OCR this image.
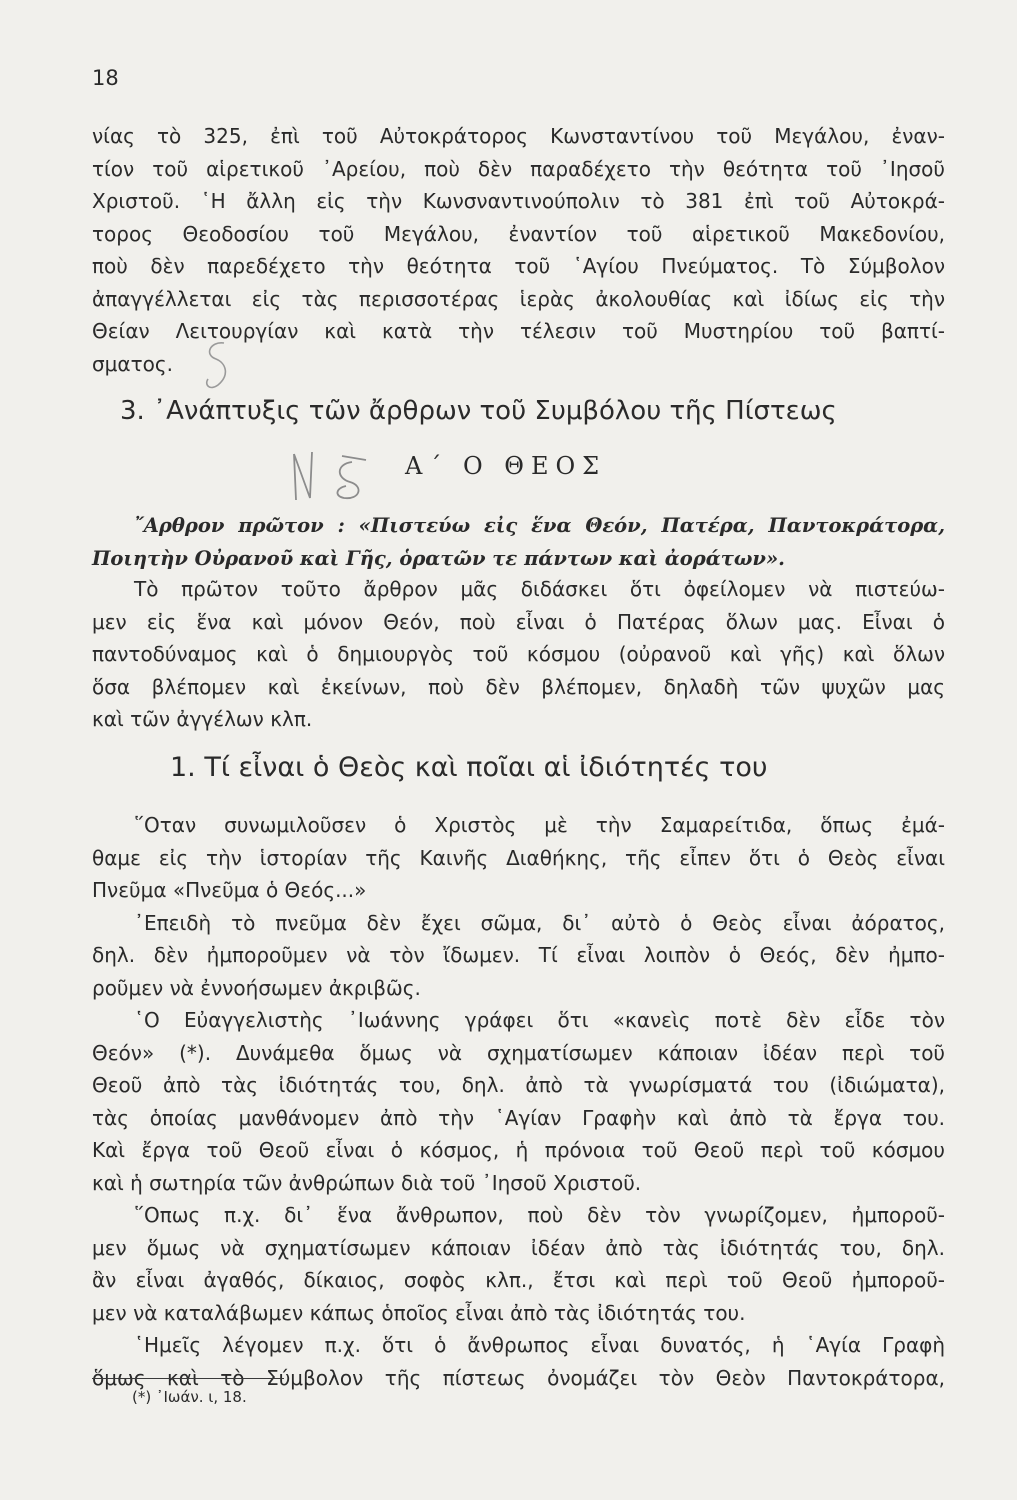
18
νίας τὸ 325, ἐπὶ τοῦ Αὐτοκράτορος Κωνσταντίνου τοῦ Μεγάλου, ἐναν-
τίον τοῦ αἱρετικοῦ ᾿Αρείου, ποὺ δὲν παραδέχετο τὴν θεότητα τοῦ ᾿Ιησοῦ
Χριστοῦ. ῾Η ἄλλη εἰς τὴν Κωνσναντινούπολιν τὸ 381 ἐπὶ τοῦ Αὐτοκρά-
τορος Θεοδοσίου τοῦ Μεγάλου, ἐναντίον τοῦ αἱρετικοῦ Μακεδονίου,
ποὺ δὲν παρεδέχετο τὴν θεότητα τοῦ ῾Αγίου Πνεύματος. Τὸ Σύμβολον
ἀπαγγέλλεται εἰς τὰς περισσοτέρας ἱερὰς ἀκολουθίας καὶ ἰδίως εἰς τὴν
Θείαν Λειτουργίαν καὶ κατὰ τὴν τέλεσιν τοῦ Μυστηρίου τοῦ βαπτί-
σματος.
3. ᾿Ανάπτυξις τῶν ἄρθρων τοῦ Συμβόλου τῆς Πίστεως
Α΄ Ο ΘΕΟΣ
῎Αρθρον πρῶτον : «Πιστεύω εἰς ἕνα Θεόν, Πατέρα, Παντοκράτορα,
Ποιητὴν Οὐρανοῦ καὶ Γῆς, ὁρατῶν τε πάντων καὶ ἀοράτων».
Τὸ πρῶτον τοῦτο ἄρθρον μᾶς διδάσκει ὅτι ὀφείλομεν νὰ πιστεύω-
μεν εἰς ἕνα καὶ μόνον Θεόν, ποὺ εἶναι ὁ Πατέρας ὅλων μας. Εἶναι ὁ
παντοδύναμος καὶ ὁ δημιουργὸς τοῦ κόσμου (οὐρανοῦ καὶ γῆς) καὶ ὅλων
ὅσα βλέπομεν καὶ ἐκείνων, ποὺ δὲν βλέπομεν, δηλαδὴ τῶν ψυχῶν μας
καὶ τῶν ἀγγέλων κλπ.
1. Τί εἶναι ὁ Θεὸς καὶ ποῖαι αἱ ἰδιότητές του
῞Οταν συνωμιλοῦσεν ὁ Χριστὸς μὲ τὴν Σαμαρείτιδα, ὅπως ἐμά-
θαμε εἰς τὴν ἱστορίαν τῆς Καινῆς Διαθήκης, τῆς εἶπεν ὅτι ὁ Θεὸς εἶναι
Πνεῦμα «Πνεῦμα ὁ Θεός...»
᾿Επειδὴ τὸ πνεῦμα δὲν ἔχει σῶμα, δι᾿ αὐτὸ ὁ Θεὸς εἶναι ἀόρατος,
δηλ. δὲν ἠμποροῦμεν νὰ τὸν ἴδωμεν. Τί εἶναι λοιπὸν ὁ Θεός, δὲν ἠμπο-
ροῦμεν νὰ ἐννοήσωμεν ἀκριβῶς.
῾Ο Εὐαγγελιστὴς ᾿Ιωάννης γράφει ὅτι «κανεὶς ποτὲ δὲν εἶδε τὸν
Θεόν» (*). Δυνάμεθα ὅμως νὰ σχηματίσωμεν κάποιαν ἰδέαν περὶ τοῦ
Θεοῦ ἀπὸ τὰς ἰδιότητάς του, δηλ. ἀπὸ τὰ γνωρίσματά του (ἰδιώματα),
τὰς ὁποίας μανθάνομεν ἀπὸ τὴν ῾Αγίαν Γραφὴν καὶ ἀπὸ τὰ ἔργα του.
Καὶ ἔργα τοῦ Θεοῦ εἶναι ὁ κόσμος, ἡ πρόνοια τοῦ Θεοῦ περὶ τοῦ κόσμου
καὶ ἡ σωτηρία τῶν ἀνθρώπων διὰ τοῦ ᾿Ιησοῦ Χριστοῦ.
῞Οπως π.χ. δι᾿ ἕνα ἄνθρωπον, ποὺ δὲν τὸν γνωρίζομεν, ἠμποροῦ-
μεν ὅμως νὰ σχηματίσωμεν κάποιαν ἰδέαν ἀπὸ τὰς ἰδιότητάς του, δηλ.
ἂν εἶναι ἀγαθός, δίκαιος, σοφὸς κλπ., ἔτσι καὶ περὶ τοῦ Θεοῦ ἠμποροῦ-
μεν νὰ καταλάβωμεν κάπως ὁποῖος εἶναι ἀπὸ τὰς ἰδιότητάς του.
῾Ημεῖς λέγομεν π.χ. ὅτι ὁ ἄνθρωπος εἶναι δυνατός, ἡ ῾Αγία Γραφὴ
ὅμως καὶ τὸ Σύμβολον τῆς πίστεως ὀνομάζει τὸν Θεὸν Παντοκράτορα,
(*) ᾿Ιωάν. ι, 18.
